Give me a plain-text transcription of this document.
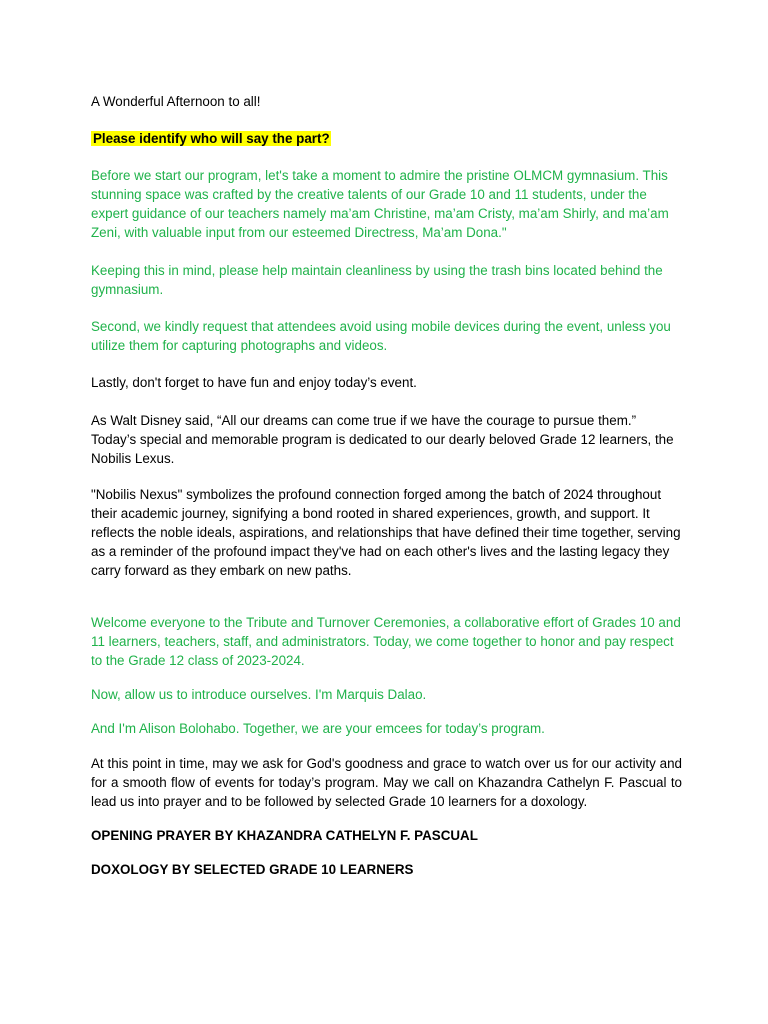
A Wonderful Afternoon to all!

Please identify who will say the part?

Before we start our program, let's take a moment to admire the pristine OLMCM gymnasium. This stunning space was crafted by the creative talents of our Grade 10 and 11 students, under the expert guidance of our teachers namely ma’am Christine, ma’am Cristy, ma’am Shirly, and ma’am Zeni, with valuable input from our esteemed Directress, Ma’am Dona."

Keeping this in mind, please help maintain cleanliness by using the trash bins located behind the gymnasium.

Second, we kindly request that attendees avoid using mobile devices during the event, unless you utilize them for capturing photographs and videos.

Lastly, don't forget to have fun and enjoy today’s event.

As Walt Disney said, “All our dreams can come true if we have the courage to pursue them.” Today’s special and memorable program is dedicated to our dearly beloved Grade 12 learners, the Nobilis Lexus.

"Nobilis Nexus" symbolizes the profound connection forged among the batch of 2024 throughout their academic journey, signifying a bond rooted in shared experiences, growth, and support. It reflects the noble ideals, aspirations, and relationships that have defined their time together, serving as a reminder of the profound impact they've had on each other's lives and the lasting legacy they carry forward as they embark on new paths.

Welcome everyone to the Tribute and Turnover Ceremonies, a collaborative effort of Grades 10 and 11 learners, teachers, staff, and administrators. Today, we come together to honor and pay respect to the Grade 12 class of 2023-2024.

Now, allow us to introduce ourselves. I'm Marquis Dalao.

And I'm Alison Bolohabo. Together, we are your emcees for today’s program.

At this point in time, may we ask for God's goodness and grace to watch over us for our activity and for a smooth flow of events for today’s program. May we call on Khazandra Cathelyn F. Pascual to lead us into prayer and to be followed by selected Grade 10 learners for a doxology.

OPENING PRAYER BY KHAZANDRA CATHELYN F. PASCUAL

DOXOLOGY BY SELECTED GRADE 10 LEARNERS
